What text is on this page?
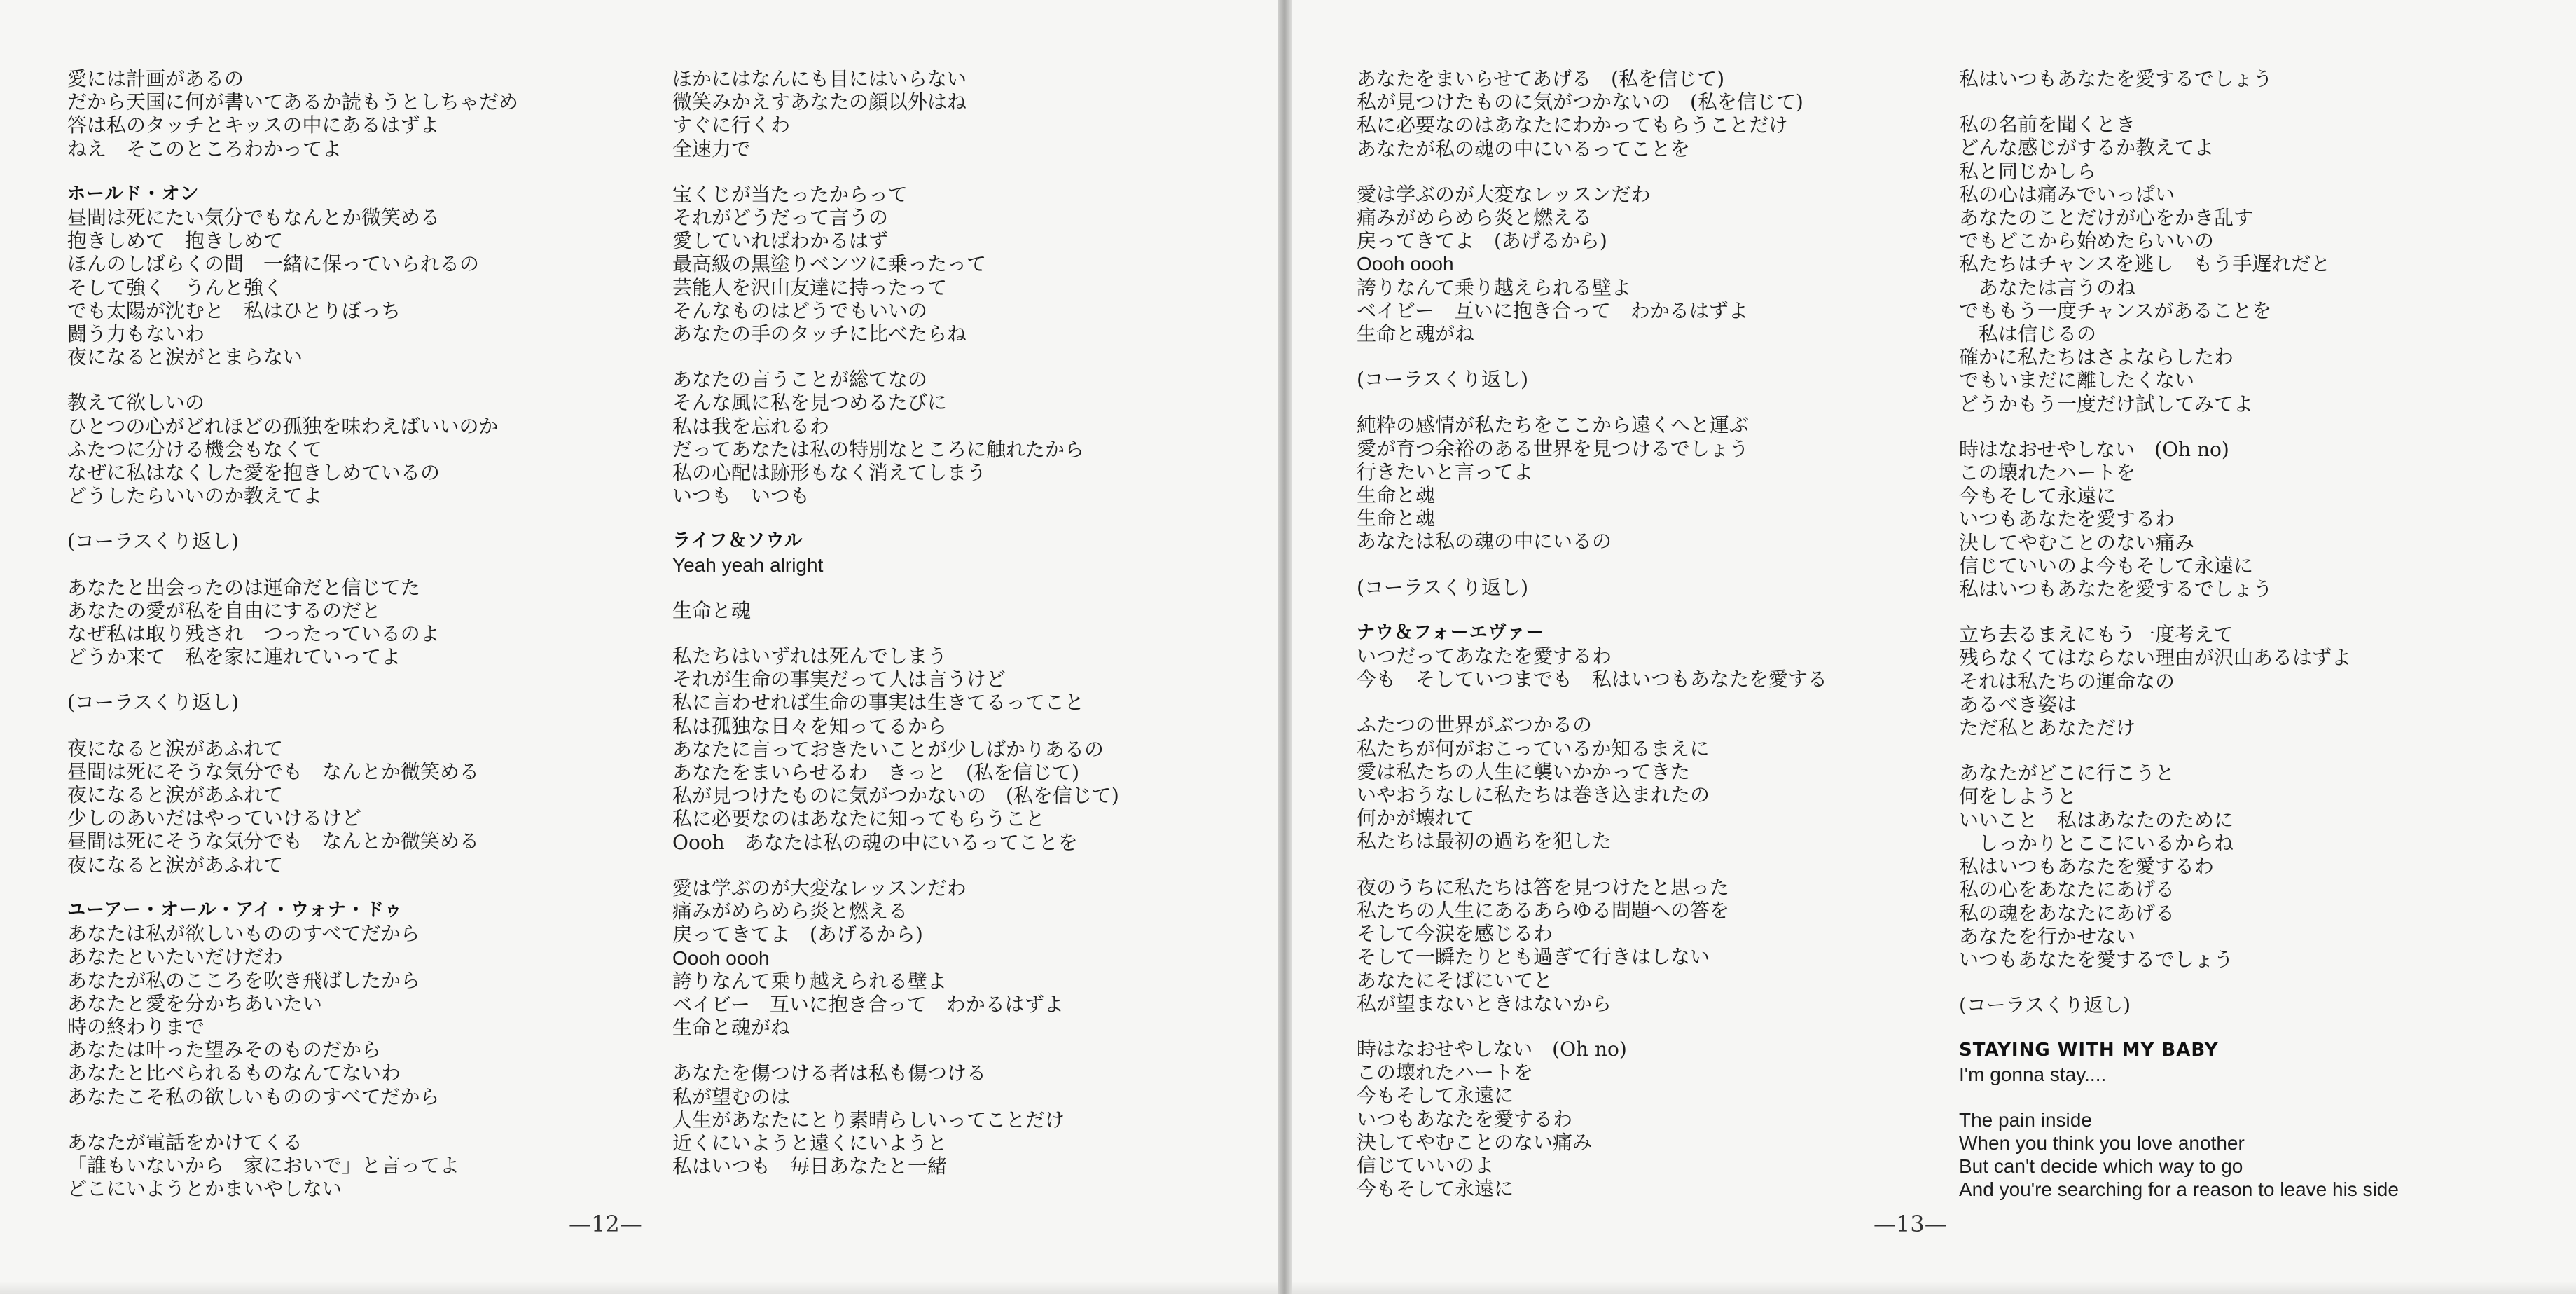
愛には計画があるの
だから天国に何が書いてあるか読もうとしちゃだめ
答は私のタッチとキッスの中にあるはずよ
ねえ　そこのところわかってよ
ホールド・オン
昼間は死にたい気分でもなんとか微笑める
抱きしめて　抱きしめて
ほんのしばらくの間　一緒に保っていられるの
そして強く　うんと強く
でも太陽が沈むと　私はひとりぼっち
闘う力もないわ
夜になると涙がとまらない
教えて欲しいの
ひとつの心がどれほどの孤独を味わえばいいのか
ふたつに分ける機会もなくて
なぜに私はなくした愛を抱きしめているの
どうしたらいいのか教えてよ
(コーラスくり返し)
あなたと出会ったのは運命だと信じてた
あなたの愛が私を自由にするのだと
なぜ私は取り残され　つったっているのよ
どうか来て　私を家に連れていってよ
(コーラスくり返し)
夜になると涙があふれて
昼間は死にそうな気分でも　なんとか微笑める
夜になると涙があふれて
少しのあいだはやっていけるけど
昼間は死にそうな気分でも　なんとか微笑める
夜になると涙があふれて
ユーアー・オール・アイ・ウォナ・ドゥ
あなたは私が欲しいもののすべてだから
あなたといたいだけだわ
あなたが私のこころを吹き飛ばしたから
あなたと愛を分かちあいたい
時の終わりまで
あなたは叶った望みそのものだから
あなたと比べられるものなんてないわ
あなたこそ私の欲しいもののすべてだから
あなたが電話をかけてくる
「誰もいないから　家においで」と言ってよ
どこにいようとかまいやしない
ほかにはなんにも目にはいらない
微笑みかえすあなたの顔以外はね
すぐに行くわ
全速力で
宝くじが当たったからって
それがどうだって言うの
愛していればわかるはず
最高級の黒塗りベンツに乗ったって
芸能人を沢山友達に持ったって
そんなものはどうでもいいの
あなたの手のタッチに比べたらね
あなたの言うことが総てなの
そんな風に私を見つめるたびに
私は我を忘れるわ
だってあなたは私の特別なところに触れたから
私の心配は跡形もなく消えてしまう
いつも　いつも
ライフ＆ソウル
Yeah yeah alright
生命と魂
私たちはいずれは死んでしまう
それが生命の事実だって人は言うけど
私に言わせれば生命の事実は生きてるってこと
私は孤独な日々を知ってるから
あなたに言っておきたいことが少しばかりあるの
あなたをまいらせるわ　きっと　(私を信じて)
私が見つけたものに気がつかないの　(私を信じて)
私に必要なのはあなたに知ってもらうこと
Oooh　あなたは私の魂の中にいるってことを
愛は学ぶのが大変なレッスンだわ
痛みがめらめら炎と燃える
戻ってきてよ　(あげるから)
Oooh oooh
誇りなんて乗り越えられる壁よ
ベイビー　互いに抱き合って　わかるはずよ
生命と魂がね
あなたを傷つける者は私も傷つける
私が望むのは
人生があなたにとり素晴らしいってことだけ
近くにいようと遠くにいようと
私はいつも　毎日あなたと一緒
—12—
あなたをまいらせてあげる　(私を信じて)
私が見つけたものに気がつかないの　(私を信じて)
私に必要なのはあなたにわかってもらうことだけ
あなたが私の魂の中にいるってことを
愛は学ぶのが大変なレッスンだわ
痛みがめらめら炎と燃える
戻ってきてよ　(あげるから)
Oooh oooh
誇りなんて乗り越えられる壁よ
ベイビー　互いに抱き合って　わかるはずよ
生命と魂がね
(コーラスくり返し)
純粋の感情が私たちをここから遠くへと運ぶ
愛が育つ余裕のある世界を見つけるでしょう
行きたいと言ってよ
生命と魂
生命と魂
あなたは私の魂の中にいるの
(コーラスくり返し)
ナウ＆フォーエヴァー
いつだってあなたを愛するわ
今も　そしていつまでも　私はいつもあなたを愛する
ふたつの世界がぶつかるの
私たちが何がおこっているか知るまえに
愛は私たちの人生に襲いかかってきた
いやおうなしに私たちは巻き込まれたの
何かが壊れて
私たちは最初の過ちを犯した
夜のうちに私たちは答を見つけたと思った
私たちの人生にあるあらゆる問題への答を
そして今涙を感じるわ
そして一瞬たりとも過ぎて行きはしない
あなたにそばにいてと
私が望まないときはないから
時はなおせやしない　(Oh no)
この壊れたハートを
今もそして永遠に
いつもあなたを愛するわ
決してやむことのない痛み
信じていいのよ
今もそして永遠に
私はいつもあなたを愛するでしょう
私の名前を聞くとき
どんな感じがするか教えてよ
私と同じかしら
私の心は痛みでいっぱい
あなたのことだけが心をかき乱す
でもどこから始めたらいいの
私たちはチャンスを逃し　もう手遅れだと
　あなたは言うのね
でももう一度チャンスがあることを
　私は信じるの
確かに私たちはさよならしたわ
でもいまだに離したくない
どうかもう一度だけ試してみてよ
時はなおせやしない　(Oh no)
この壊れたハートを
今もそして永遠に
いつもあなたを愛するわ
決してやむことのない痛み
信じていいのよ今もそして永遠に
私はいつもあなたを愛するでしょう
立ち去るまえにもう一度考えて
残らなくてはならない理由が沢山あるはずよ
それは私たちの運命なの
あるべき姿は
ただ私とあなただけ
あなたがどこに行こうと
何をしようと
いいこと　私はあなたのために
　しっかりとここにいるからね
私はいつもあなたを愛するわ
私の心をあなたにあげる
私の魂をあなたにあげる
あなたを行かせない
いつもあなたを愛するでしょう
(コーラスくり返し)
STAYING WITH MY BABY
I'm gonna stay....
The pain inside
When you think you love another
But can't decide which way to go
And you're searching for a reason to leave his side
—13—
